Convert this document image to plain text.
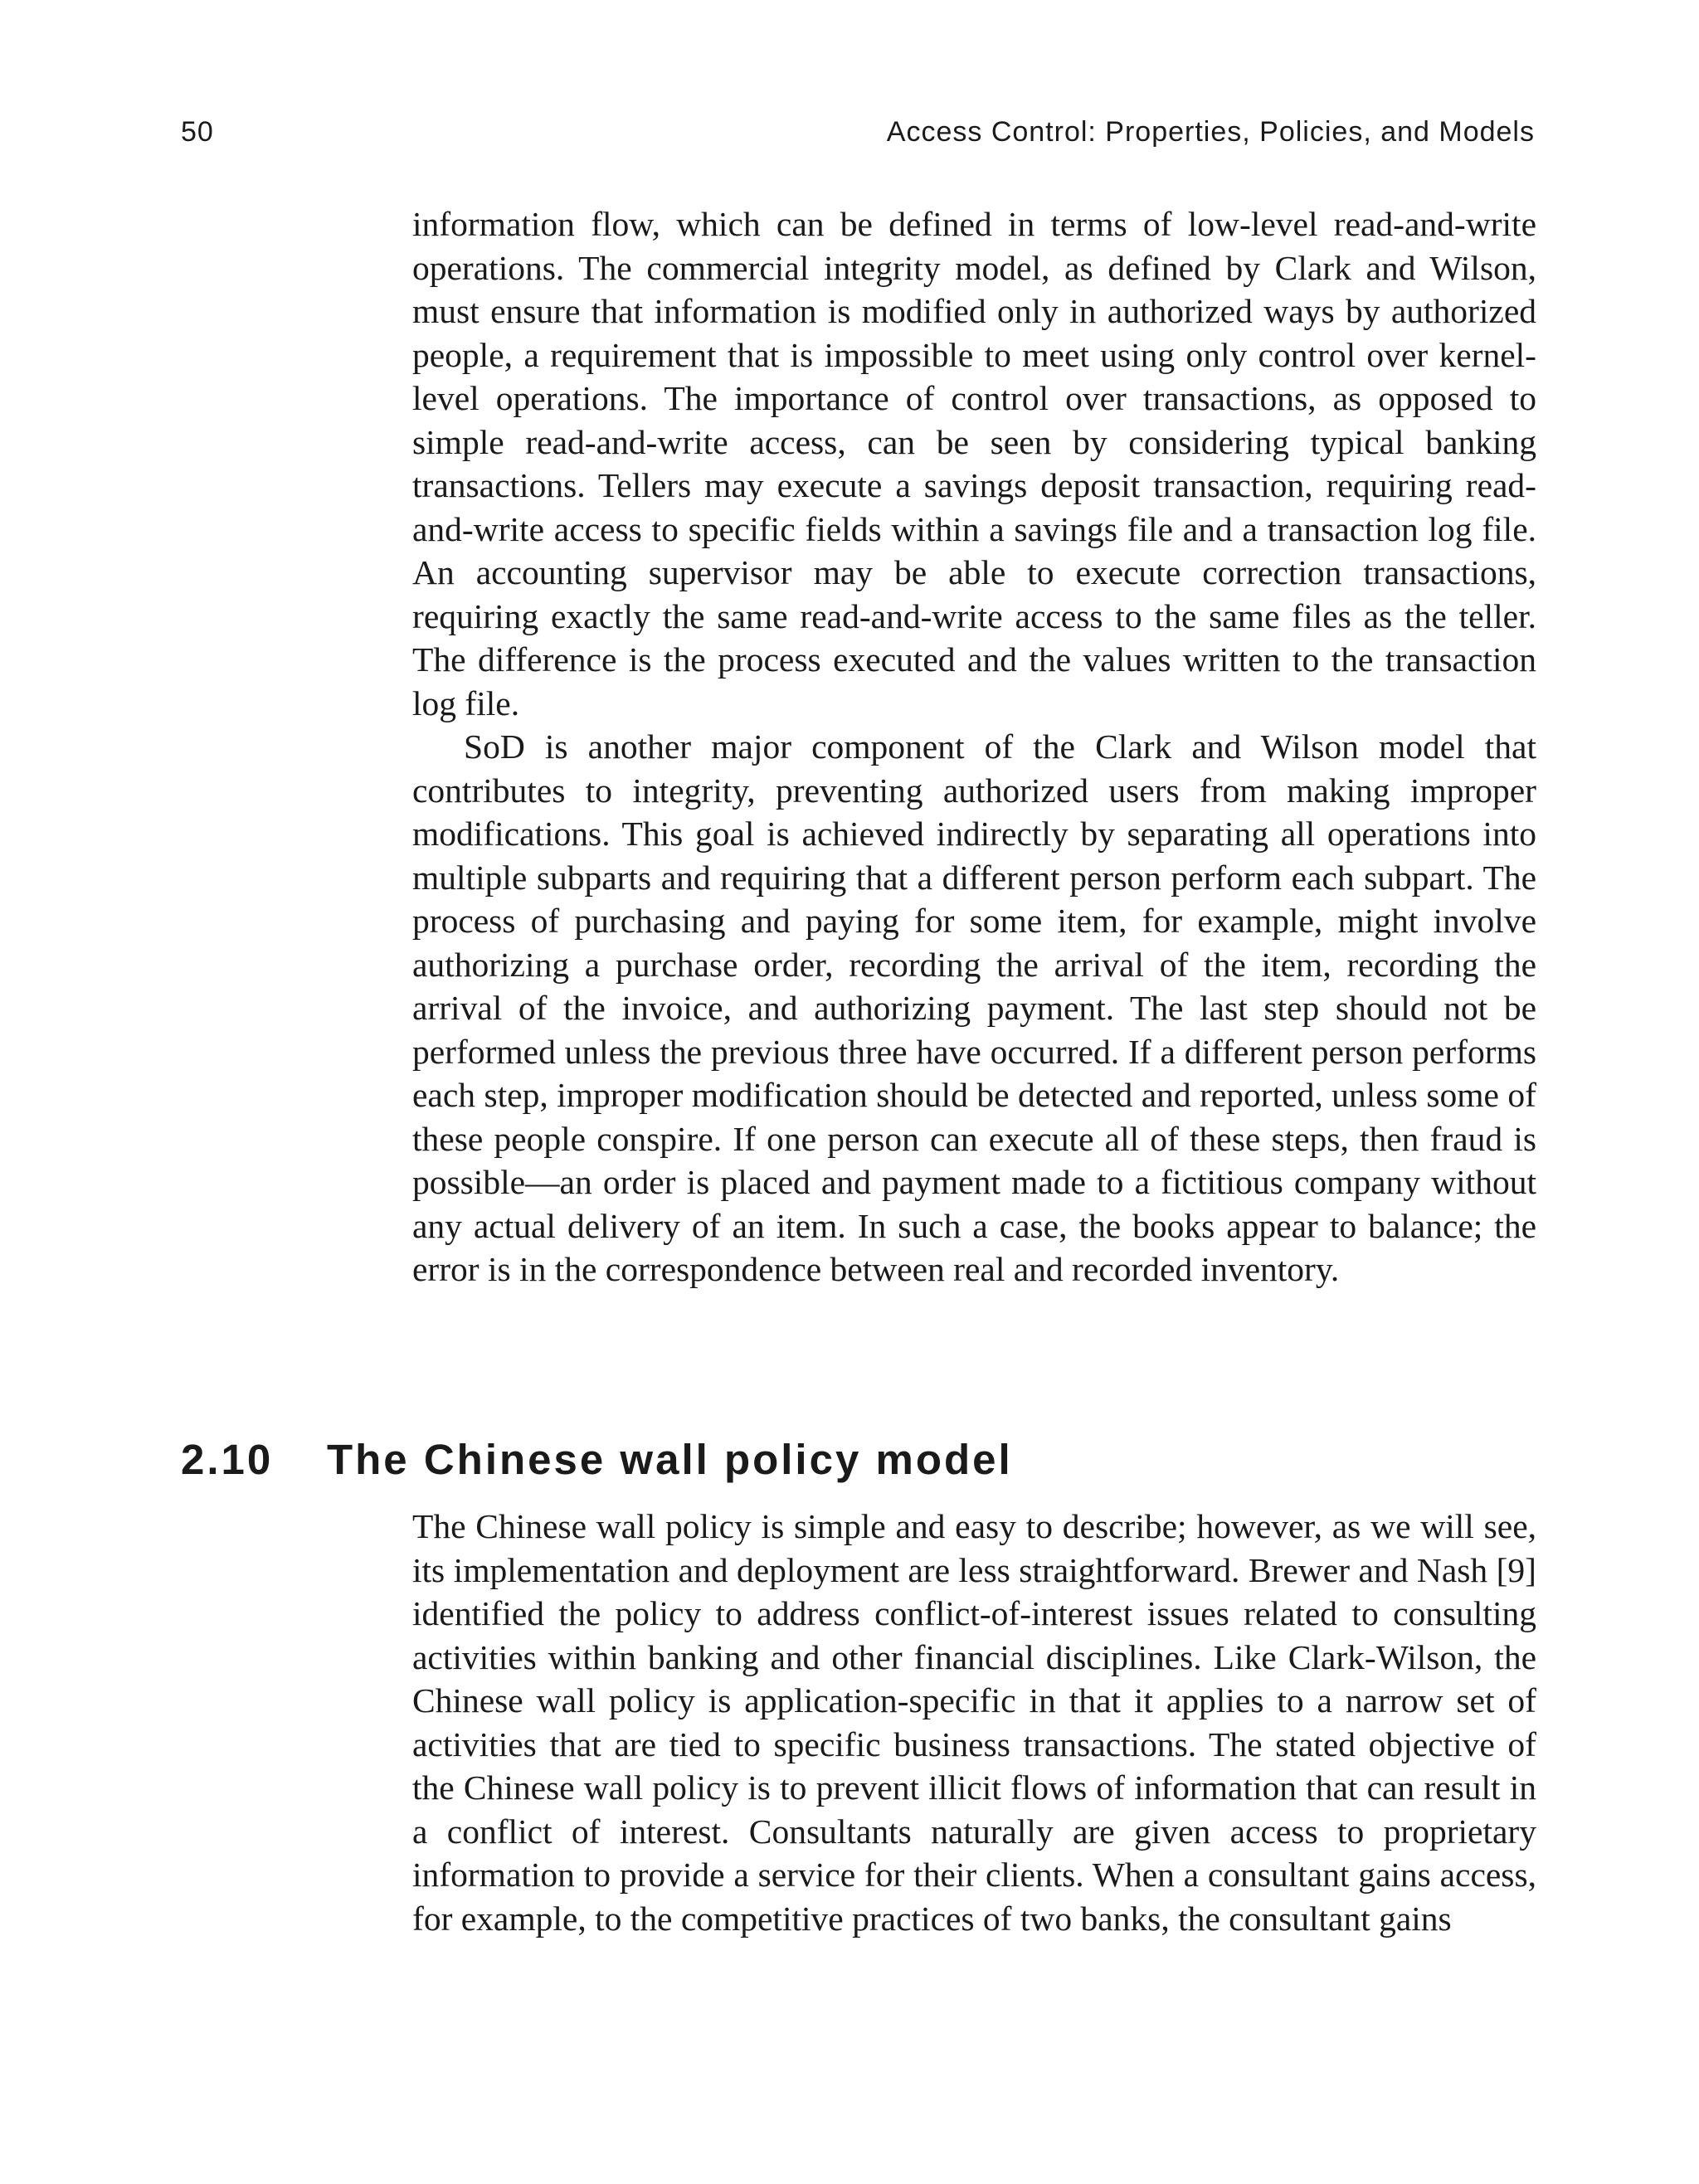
50	Access Control: Properties, Policies, and Models

information flow, which can be defined in terms of low-level read-and-write operations. The commercial integrity model, as defined by Clark and Wilson, must ensure that information is modified only in authorized ways by authorized people, a requirement that is impossible to meet using only control over kernel-level operations. The importance of control over transactions, as opposed to simple read-and-write access, can be seen by considering typical banking transactions. Tellers may execute a savings deposit transaction, requiring read-and-write access to specific fields within a savings file and a transaction log file. An accounting supervisor may be able to execute correction transactions, requiring exactly the same read-and-write access to the same files as the teller. The difference is the process executed and the values written to the transaction log file.

SoD is another major component of the Clark and Wilson model that contributes to integrity, preventing authorized users from making improper modifications. This goal is achieved indirectly by separating all operations into multiple subparts and requiring that a different person perform each subpart. The process of purchasing and paying for some item, for example, might involve authorizing a purchase order, recording the arrival of the item, recording the arrival of the invoice, and authorizing payment. The last step should not be performed unless the previous three have occurred. If a different person performs each step, improper modification should be detected and reported, unless some of these people conspire. If one person can execute all of these steps, then fraud is possible—an order is placed and payment made to a fictitious company without any actual delivery of an item. In such a case, the books appear to balance; the error is in the correspondence between real and recorded inventory.

2.10 The Chinese wall policy model

The Chinese wall policy is simple and easy to describe; however, as we will see, its implementation and deployment are less straightforward. Brewer and Nash [9] identified the policy to address conflict-of-interest issues related to consulting activities within banking and other financial disciplines. Like Clark-Wilson, the Chinese wall policy is application-specific in that it applies to a narrow set of activities that are tied to specific business transactions. The stated objective of the Chinese wall policy is to prevent illicit flows of information that can result in a conflict of interest. Consultants naturally are given access to proprietary information to provide a service for their clients. When a consultant gains access, for example, to the competitive practices of two banks, the consultant gains
